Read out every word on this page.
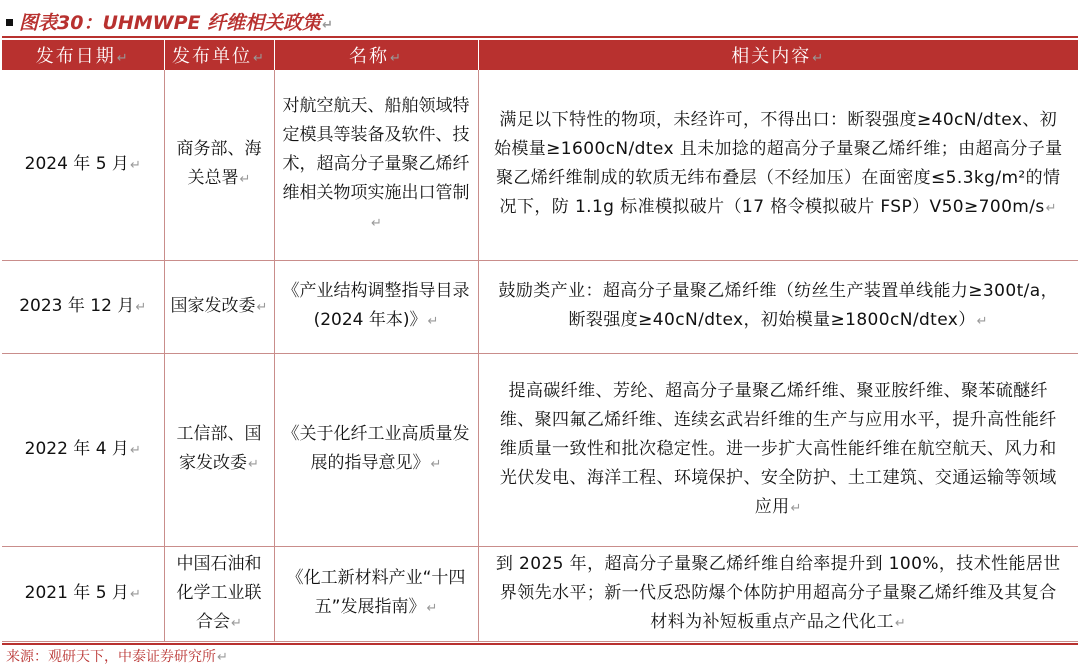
图表30：UHMWPE 纤维相关政策↵
发布日期↵	发布单位↵	名称↵	相关内容↵
2024 年 5 月↵	商务部、海关总署↵	对航空航天、船舶领域特定模具等装备及软件、技术，超高分子量聚乙烯纤维相关物项实施出口管制↵	满足以下特性的物项，未经许可，不得出口：断裂强度≥40cN/dtex、初始模量≥1600cN/dtex 且未加捻的超高分子量聚乙烯纤维；由超高分子量聚乙烯纤维制成的软质无纬布叠层（不经加压）在面密度≤5.3kg/m²的情况下，防 1.1g 标准模拟破片（17 格令模拟破片 FSP）V50≥700m/s↵
2023 年 12 月↵	国家发改委↵	《产业结构调整指导目录(2024 年本)》↵	鼓励类产业：超高分子量聚乙烯纤维（纺丝生产装置单线能力≥300t/a，断裂强度≥40cN/dtex，初始模量≥1800cN/dtex）↵
2022 年 4 月↵	工信部、国家发改委↵	《关于化纤工业高质量发展的指导意见》↵	提高碳纤维、芳纶、超高分子量聚乙烯纤维、聚亚胺纤维、聚苯硫醚纤维、聚四氟乙烯纤维、连续玄武岩纤维的生产与应用水平，提升高性能纤维质量一致性和批次稳定性。进一步扩大高性能纤维在航空航天、风力和光伏发电、海洋工程、环境保护、安全防护、土工建筑、交通运输等领域应用↵
2021 年 5 月↵	中国石油和化学工业联合会↵	《化工新材料产业“十四五”发展指南》↵	到 2025 年，超高分子量聚乙烯纤维自给率提升到 100%，技术性能居世界领先水平；新一代反恐防爆个体防护用超高分子量聚乙烯纤维及其复合材料为补短板重点产品之代化工↵
来源：观研天下，中泰证券研究所↵
